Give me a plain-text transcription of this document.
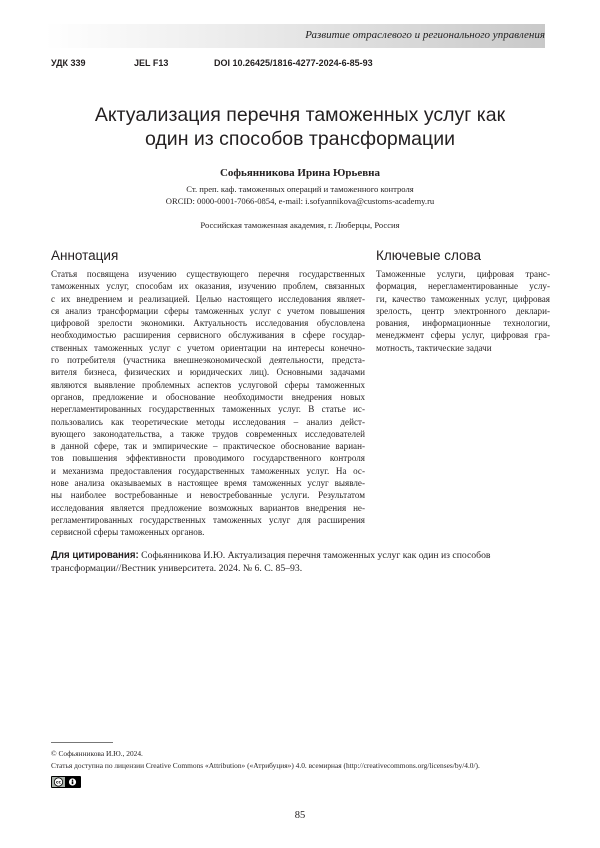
Развитие отраслевого и регионального управления
УДК 339	JEL F13	DOI 10.26425/1816-4277-2024-6-85-93
Актуализация перечня таможенных услуг как
один из способов трансформации
Софьянникова Ирина Юрьевна
Ст. преп. каф. таможенных операций и таможенного контроля
ORCID: 0000-0001-7066-0854, e-mail: i.sofyannikova@customs-academy.ru
Российская таможенная академия, г. Люберцы, Россия
Аннотация	Ключевые слова
Статья посвящена изучению существующего перечня государственных
таможенных услуг, способам их оказания, изучению проблем, связанных
с их внедрением и реализацией. Целью настоящего исследования являет-
ся анализ трансформации сферы таможенных услуг с учетом повышения
цифровой зрелости экономики. Актуальность исследования обусловлена
необходимостью расширения сервисного обслуживания в сфере государ-
ственных таможенных услуг с учетом ориентации на интересы конечно-
го потребителя (участника внешнеэкономической деятельности, предста-
вителя бизнеса, физических и юридических лиц). Основными задачами
являются выявление проблемных аспектов услуговой сферы таможенных
органов, предложение и обоснование необходимости внедрения новых
нерегламентированных государственных таможенных услуг. В статье ис-
пользовались как теоретические методы исследования – анализ дейст-
вующего законодательства, а также трудов современных исследователей
в данной сфере, так и эмпирические – практическое обоснование вариан-
тов повышения эффективности проводимого государственного контроля
и механизма предоставления государственных таможенных услуг. На ос-
нове анализа оказываемых в настоящее время таможенных услуг выявле-
ны наиболее востребованные и невостребованные услуги. Результатом
исследования является предложение возможных вариантов внедрения не-
регламентированных государственных таможенных услуг для расширения
сервисной сферы таможенных органов.
Таможенные услуги, цифровая транс-
формация, нерегламентированные услу-
ги, качество таможенных услуг, цифровая
зрелость, центр электронного деклари-
рования, информационные технологии,
менеджмент сферы услуг, цифровая гра-
мотность, тактические задачи
Для цитирования: Софьянникова И.Ю. Актуализация перечня таможенных услуг как один из способов
трансформации//Вестник университета. 2024. № 6. С. 85–93.
© Софьянникова И.Ю., 2024.
Статья доступна по лицензии Creative Commons «Attribution» («Атрибуция») 4.0. всемирная (http://creativecommons.org/licenses/by/4.0/).
cc
85
